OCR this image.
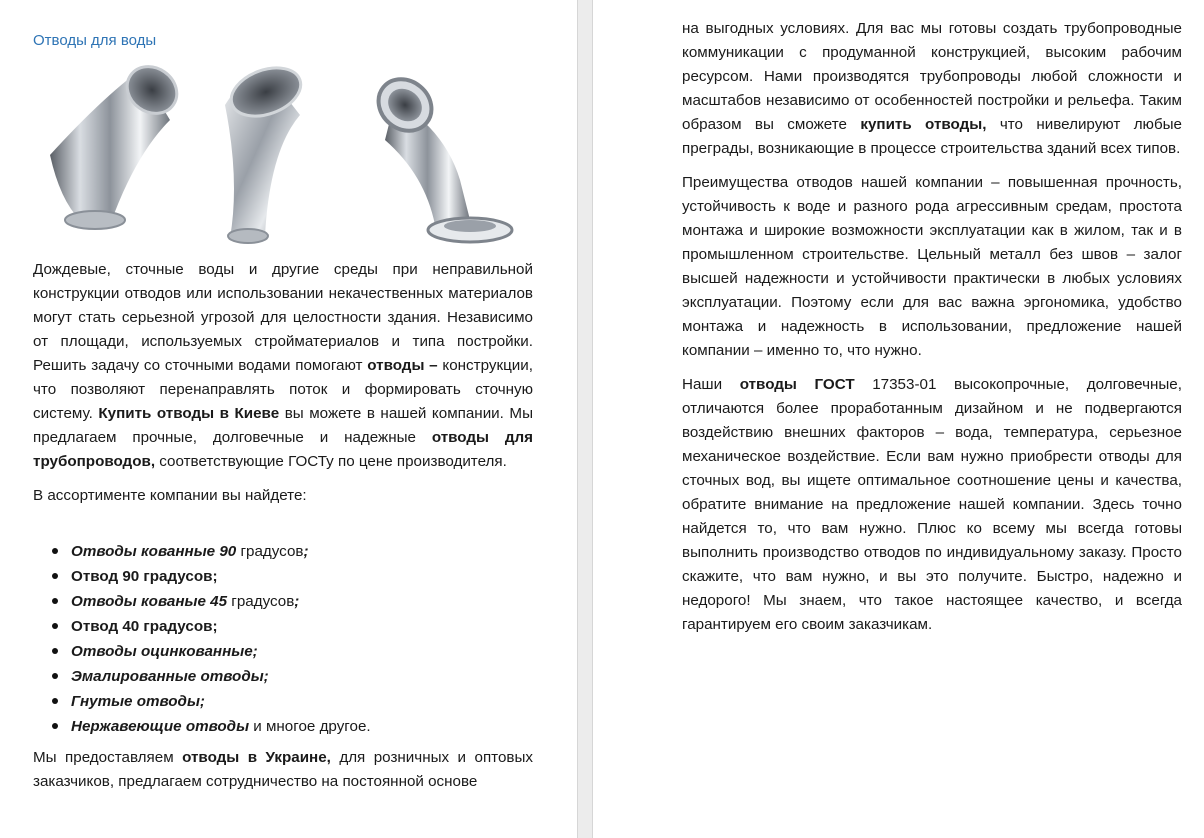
Отводы для воды

Дождевые, сточные воды и другие среды при неправильной конструкции отводов или использовании некачественных материалов могут стать серьезной угрозой для целостности здания. Независимо от площади, используемых стройматериалов и типа постройки. Решить задачу со сточными водами помогают отводы – конструкции, что позволяют перенаправлять поток и формировать сточную систему. Купить отводы в Киеве вы можете в нашей компании. Мы предлагаем прочные, долговечные и надежные отводы для трубопроводов, соответствующие ГОСТу по цене производителя.

В ассортименте компании вы найдете:

Отводы кованные 90 градусов;
Отвод 90 градусов;
Отводы кованые 45 градусов;
Отвод 40 градусов;
Отводы оцинкованные;
Эмалированные отводы;
Гнутые отводы;
Нержавеющие отводы и многое другое.

Мы предоставляем отводы в Украине, для розничных и оптовых заказчиков, предлагаем сотрудничество на постоянной основе

на выгодных условиях. Для вас мы готовы создать трубопроводные коммуникации с продуманной конструкцией, высоким рабочим ресурсом. Нами производятся трубопроводы любой сложности и масштабов независимо от особенностей постройки и рельефа. Таким образом вы сможете купить отводы, что нивелируют любые преграды, возникающие в процессе строительства зданий всех типов.

Преимущества отводов нашей компании – повышенная прочность, устойчивость к воде и разного рода агрессивным средам, простота монтажа и широкие возможности эксплуатации как в жилом, так и в промышленном строительстве. Цельный металл без швов – залог высшей надежности и устойчивости практически в любых условиях эксплуатации. Поэтому если для вас важна эргономика, удобство монтажа и надежность в использовании, предложение нашей компании – именно то, что нужно.

Наши отводы ГОСТ 17353-01 высокопрочные, долговечные, отличаются более проработанным дизайном и не подвергаются воздействию внешних факторов – вода, температура, серьезное механическое воздействие. Если вам нужно приобрести отводы для сточных вод, вы ищете оптимальное соотношение цены и качества, обратите внимание на предложение нашей компании. Здесь точно найдется то, что вам нужно. Плюс ко всему мы всегда готовы выполнить производство отводов по индивидуальному заказу. Просто скажите, что вам нужно, и вы это получите. Быстро, надежно и недорого! Мы знаем, что такое настоящее качество, и всегда гарантируем его своим заказчикам.
